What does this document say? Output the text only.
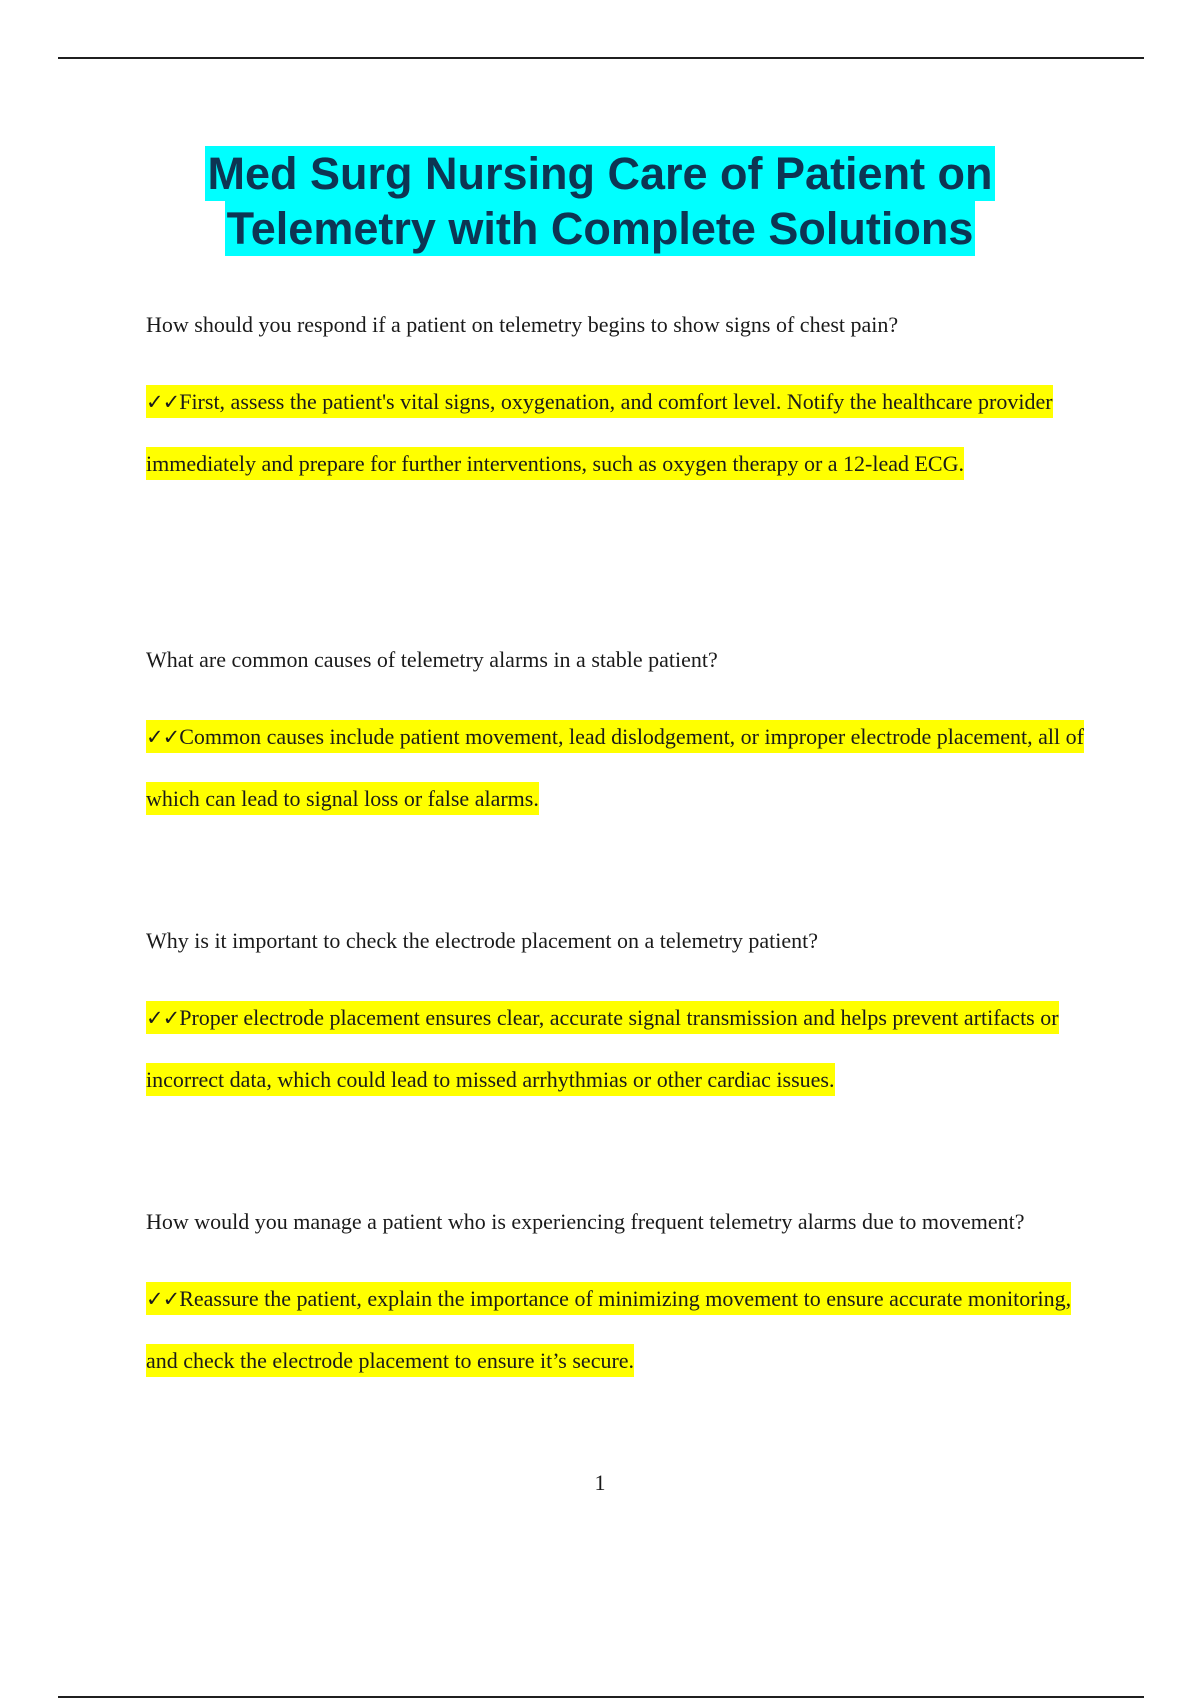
Med Surg Nursing Care of Patient on
Telemetry with Complete Solutions

How should you respond if a patient on telemetry begins to show signs of chest pain?

✓✓First, assess the patient's vital signs, oxygenation, and comfort level. Notify the healthcare provider immediately and prepare for further interventions, such as oxygen therapy or a 12-lead ECG.

What are common causes of telemetry alarms in a stable patient?

✓✓Common causes include patient movement, lead dislodgement, or improper electrode placement, all of which can lead to signal loss or false alarms.

Why is it important to check the electrode placement on a telemetry patient?

✓✓Proper electrode placement ensures clear, accurate signal transmission and helps prevent artifacts or incorrect data, which could lead to missed arrhythmias or other cardiac issues.

How would you manage a patient who is experiencing frequent telemetry alarms due to movement?

✓✓Reassure the patient, explain the importance of minimizing movement to ensure accurate monitoring, and check the electrode placement to ensure it’s secure.

1
